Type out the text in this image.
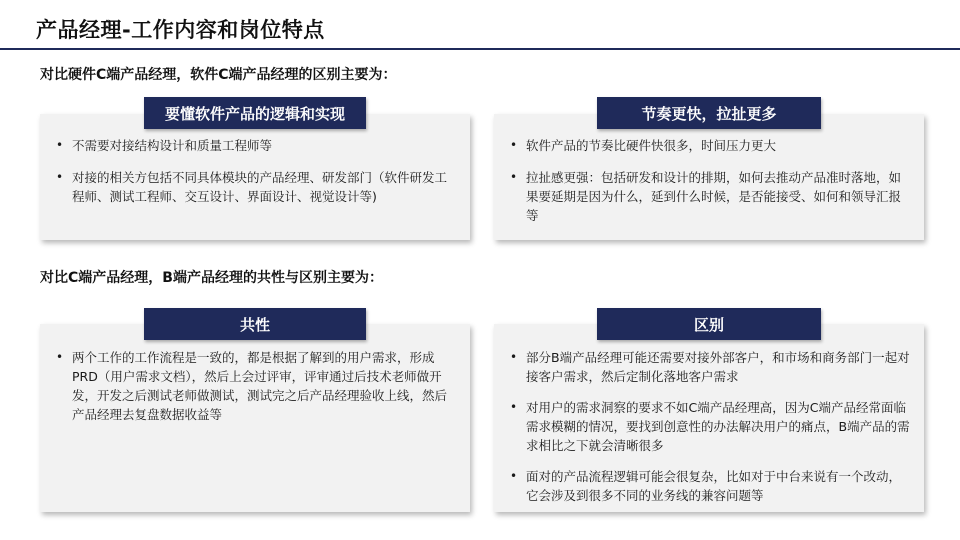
产品经理-工作内容和岗位特点
对比硬件C端产品经理，软件C端产品经理的区别主要为：
• 不需要对接结构设计和质量工程师等
• 对接的相关方包括不同具体模块的产品经理、研发部门（软件研发工程师、测试工程师、交互设计、界面设计、视觉设计等)
要懂软件产品的逻辑和实现
• 软件产品的节奏比硬件快很多，时间压力更大
• 拉扯感更强：包括研发和设计的排期，如何去推动产品准时落地，如果要延期是因为什么，延到什么时候，是否能接受、如何和领导汇报等
节奏更快，拉扯更多
对比C端产品经理，B端产品经理的共性与区别主要为：
• 两个工作的工作流程是一致的，都是根据了解到的用户需求，形成PRD（用户需求文档），然后上会过评审，评审通过后技术老师做开发，开发之后测试老师做测试，测试完之后产品经理验收上线，然后产品经理去复盘数据收益等
共性
• 部分B端产品经理可能还需要对接外部客户，和市场和商务部门一起对接客户需求，然后定制化落地客户需求
• 对用户的需求洞察的要求不如C端产品经理高，因为C端产品经常面临需求模糊的情况，要找到创意性的办法解决用户的痛点，B端产品的需求相比之下就会清晰很多
• 面对的产品流程逻辑可能会很复杂，比如对于中台来说有一个改动，它会涉及到很多不同的业务线的兼容问题等
区别
